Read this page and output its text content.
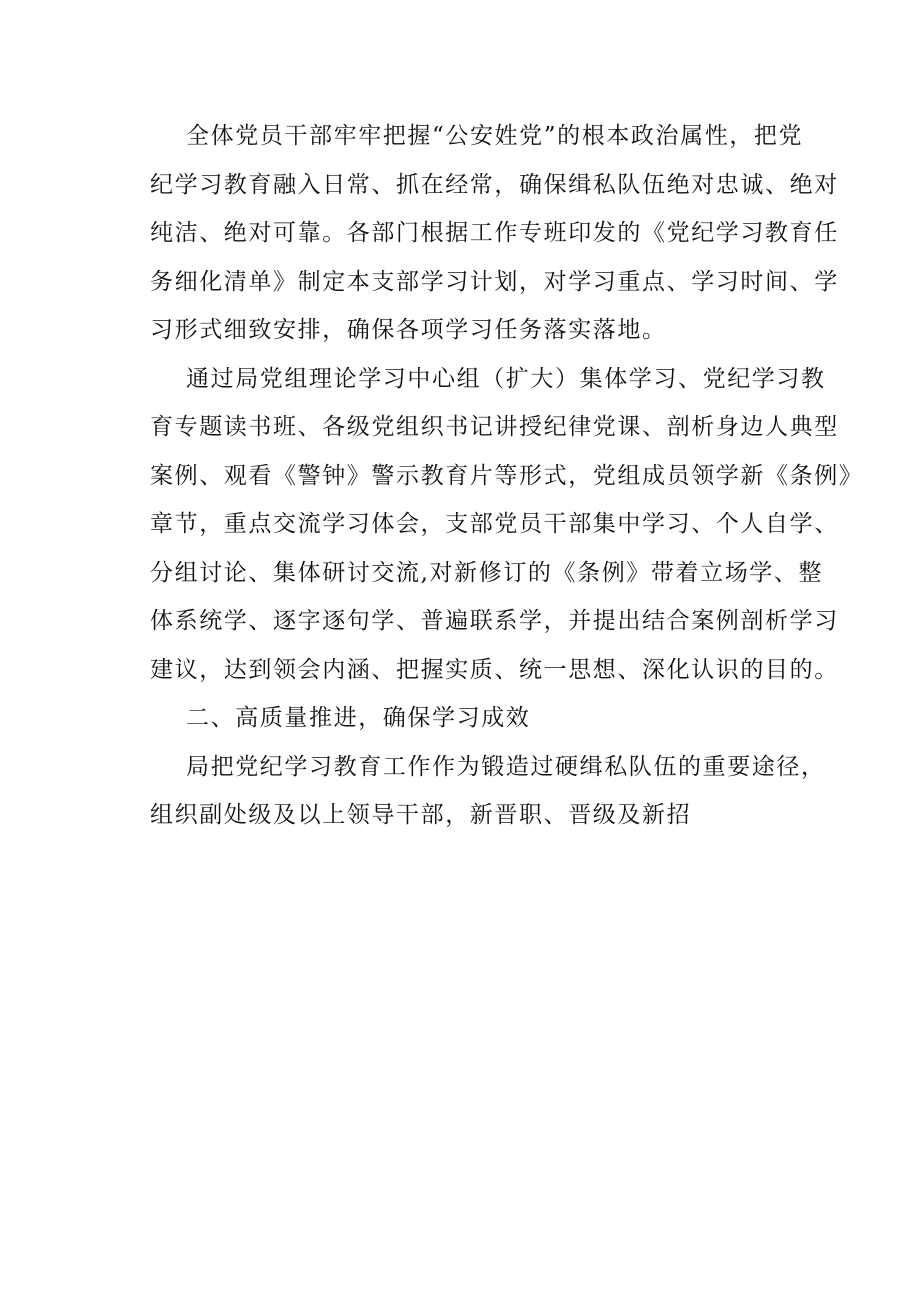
全体党员干部牢牢把握“公安姓党”的根本政治属性，把党
纪学习教育融入日常、抓在经常，确保缉私队伍绝对忠诚、绝对
纯洁、绝对可靠。各部门根据工作专班印发的《党纪学习教育任
务细化清单》制定本支部学习计划，对学习重点、学习时间、学
习形式细致安排，确保各项学习任务落实落地。
通过局党组理论学习中心组（扩大）集体学习、党纪学习教
育专题读书班、各级党组织书记讲授纪律党课、剖析身边人典型
案例、观看《警钟》警示教育片等形式，党组成员领学新《条例》
章节，重点交流学习体会，支部党员干部集中学习、个人自学、
分组讨论、集体研讨交流,对新修订的《条例》带着立场学、整
体系统学、逐字逐句学、普遍联系学，并提出结合案例剖析学习
建议，达到领会内涵、把握实质、统一思想、深化认识的目的。
二、高质量推进，确保学习成效
局把党纪学习教育工作作为锻造过硬缉私队伍的重要途径，
组织副处级及以上领导干部，新晋职、晋级及新招
